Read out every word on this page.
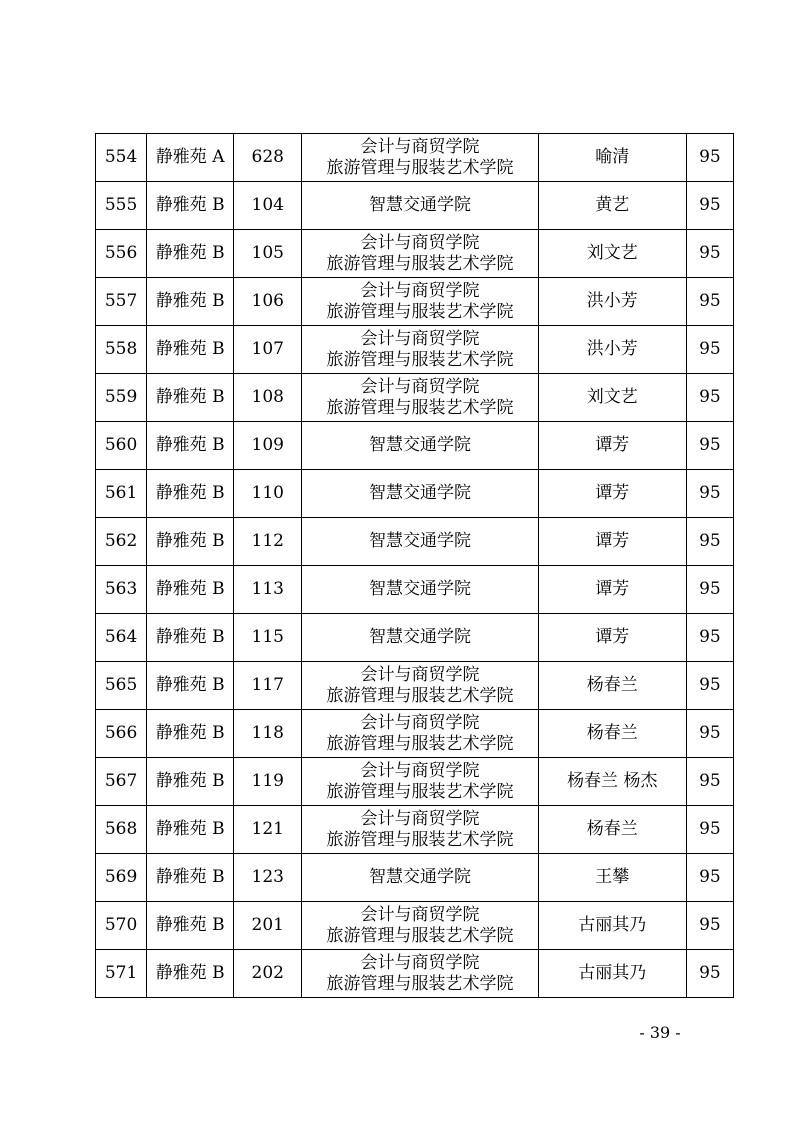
554	静雅苑 A	628	会计与商贸学院
旅游管理与服装艺术学院	喻清	95
555	静雅苑 B	104	智慧交通学院	黄艺	95
556	静雅苑 B	105	会计与商贸学院
旅游管理与服装艺术学院	刘文艺	95
557	静雅苑 B	106	会计与商贸学院
旅游管理与服装艺术学院	洪小芳	95
558	静雅苑 B	107	会计与商贸学院
旅游管理与服装艺术学院	洪小芳	95
559	静雅苑 B	108	会计与商贸学院
旅游管理与服装艺术学院	刘文艺	95
560	静雅苑 B	109	智慧交通学院	谭芳	95
561	静雅苑 B	110	智慧交通学院	谭芳	95
562	静雅苑 B	112	智慧交通学院	谭芳	95
563	静雅苑 B	113	智慧交通学院	谭芳	95
564	静雅苑 B	115	智慧交通学院	谭芳	95
565	静雅苑 B	117	会计与商贸学院
旅游管理与服装艺术学院	杨春兰	95
566	静雅苑 B	118	会计与商贸学院
旅游管理与服装艺术学院	杨春兰	95
567	静雅苑 B	119	会计与商贸学院
旅游管理与服装艺术学院	杨春兰 杨杰	95
568	静雅苑 B	121	会计与商贸学院
旅游管理与服装艺术学院	杨春兰	95
569	静雅苑 B	123	智慧交通学院	王攀	95
570	静雅苑 B	201	会计与商贸学院
旅游管理与服装艺术学院	古丽其乃	95
571	静雅苑 B	202	会计与商贸学院
旅游管理与服装艺术学院	古丽其乃	95
- 39 -
